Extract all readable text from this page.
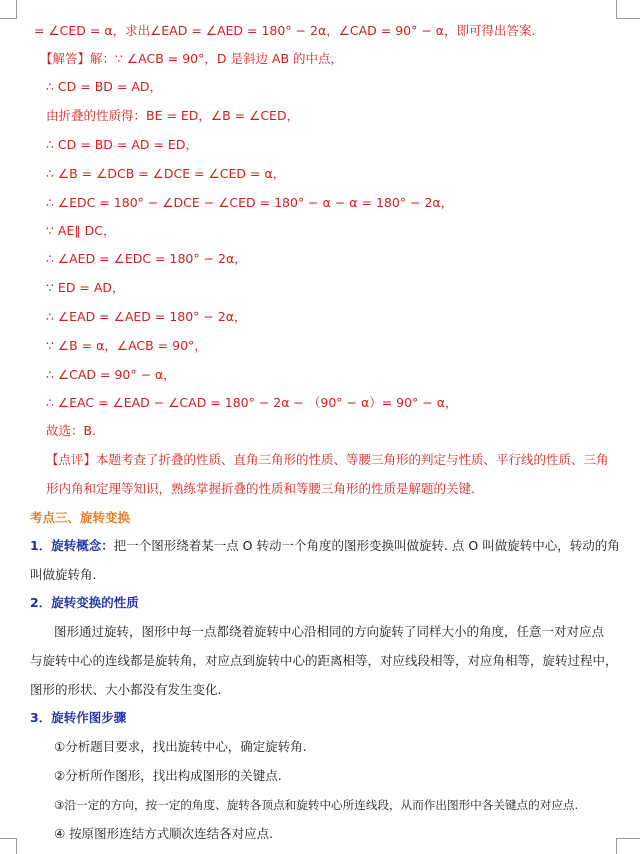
= ∠CED = α，求出∠EAD = ∠AED = 180° − 2α，∠CAD = 90° − α，即可得出答案.
【解答】解：∵ ∠ACB = 90°，D 是斜边 AB 的中点，
∴ CD = BD = AD，
由折叠的性质得：BE = ED，∠B = ∠CED，
∴ CD = BD = AD = ED，
∴ ∠B = ∠DCB = ∠DCE = ∠CED = α，
∴ ∠EDC = 180° − ∠DCE − ∠CED = 180° − α − α = 180° − 2α，
∵ AE∥ DC，
∴ ∠AED = ∠EDC = 180° − 2α，
∵ ED = AD，
∴ ∠EAD = ∠AED = 180° − 2α，
∵ ∠B = α，∠ACB = 90°，
∴ ∠CAD = 90° − α，
∴ ∠EAC = ∠EAD − ∠CAD = 180° − 2α − （90° − α）= 90° − α，
故选：B.
【点评】本题考查了折叠的性质、直角三角形的性质、等腰三角形的判定与性质、平行线的性质、三角
形内角和定理等知识，熟练掌握折叠的性质和等腰三角形的性质是解题的关键.
考点三、旋转变换
1．旋转概念：把一个图形绕着某一点 O 转动一个角度的图形变换叫做旋转. 点 O 叫做旋转中心，转动的角
叫做旋转角.
2．旋转变换的性质
图形通过旋转，图形中每一点都绕着旋转中心沿相同的方向旋转了同样大小的角度，任意一对对应点
与旋转中心的连线都是旋转角，对应点到旋转中心的距离相等，对应线段相等，对应角相等，旋转过程中，
图形的形状、大小都没有发生变化.
3．旋转作图步骤
①分析题目要求，找出旋转中心，确定旋转角.
②分析所作图形，找出构成图形的关键点.
③沿一定的方向，按一定的角度、旋转各顶点和旋转中心所连线段，从而作出图形中各关键点的对应点.
④ 按原图形连结方式顺次连结各对应点.
